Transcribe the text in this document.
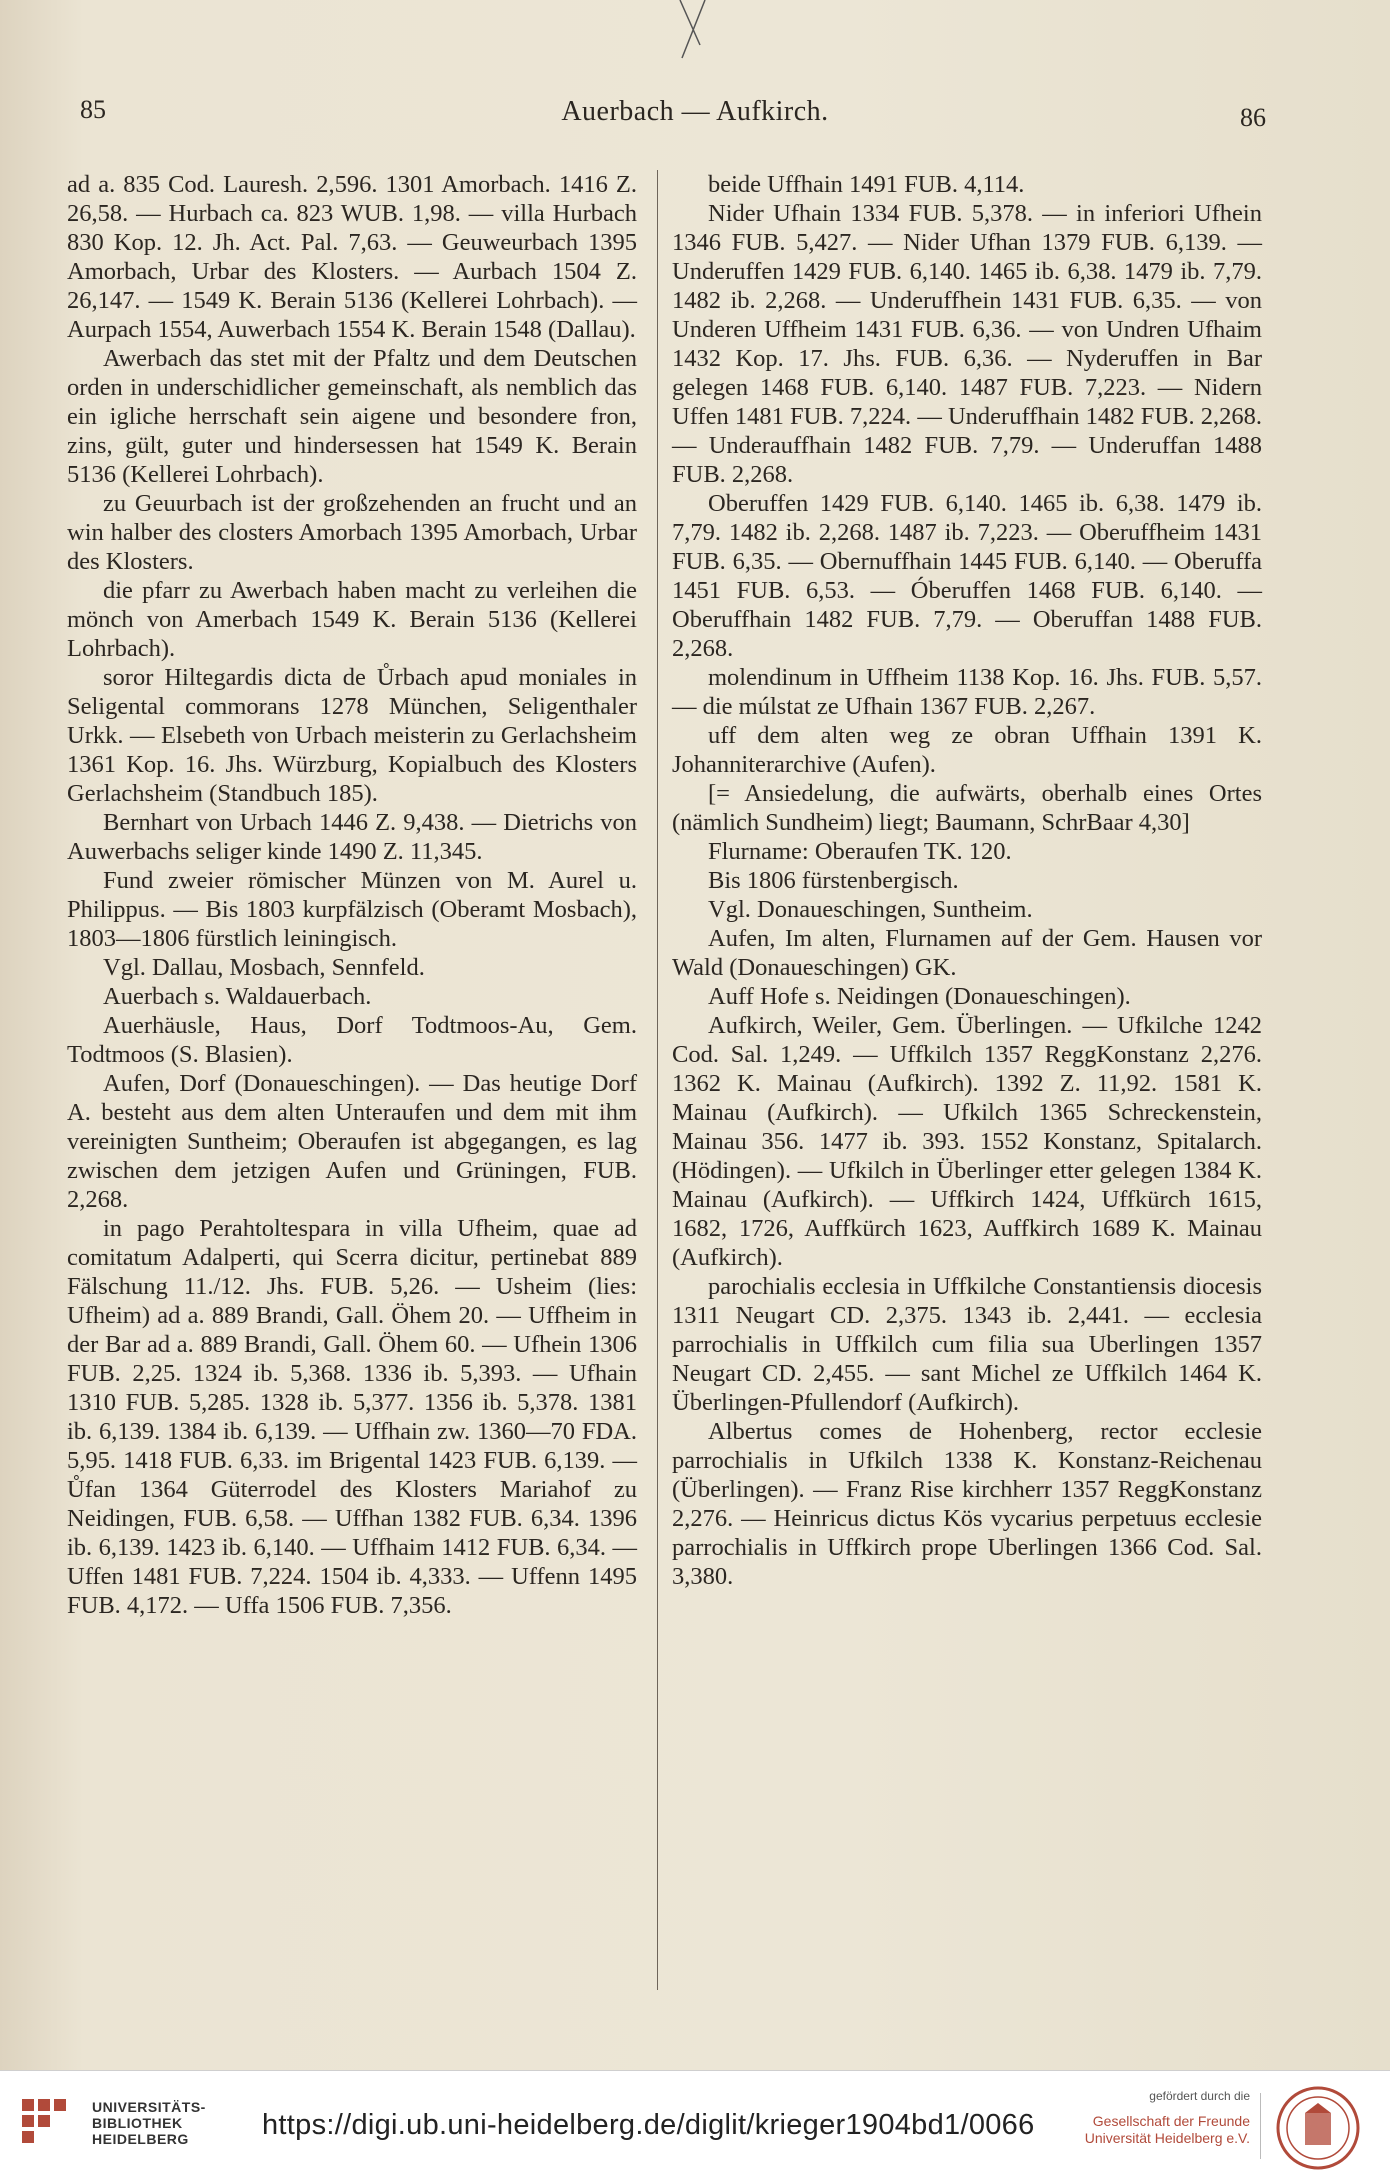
85	Auerbach — Aufkirch.	86

ad a. 835 Cod. Lauresh. 2,596. 1301 Amorbach. 1416 Z. 26,58. — Hurbach ca. 823 WUB. 1,98. — villa Hurbach 830 Kop. 12. Jh. Act. Pal. 7,63. — Geuweurbach 1395 Amorbach, Urbar des Klosters. — Aurbach 1504 Z. 26,147. — 1549 K. Berain 5136 (Kellerei Lohrbach). — Aurpach 1554, Auwerbach 1554 K. Berain 1548 (Dallau).

Awerbach das stet mit der Pfaltz und dem Deutschen orden in underschidlicher gemeinschaft, als nemblich das ein igliche herrschaft sein aigene und besondere fron, zins, gült, guter und hindersessen hat 1549 K. Berain 5136 (Kellerei Lohrbach).

zu Geuurbach ist der großzehenden an frucht und an win halber des closters Amorbach 1395 Amorbach, Urbar des Klosters.

die pfarr zu Awerbach haben macht zu verleihen die mönch von Amerbach 1549 K. Berain 5136 (Kellerei Lohrbach).

soror Hiltegardis dicta de Ůrbach apud moniales in Seligental commorans 1278 München, Seligenthaler Urkk. — Elsebeth von Urbach meisterin zu Gerlachsheim 1361 Kop. 16. Jhs. Würzburg, Kopialbuch des Klosters Gerlachsheim (Standbuch 185).

Bernhart von Urbach 1446 Z. 9,438. — Dietrichs von Auwerbachs seliger kinde 1490 Z. 11,345.

Fund zweier römischer Münzen von M. Aurel u. Philippus. — Bis 1803 kurpfälzisch (Oberamt Mosbach), 1803—1806 fürstlich leiningisch.

Vgl. Dallau, Mosbach, Sennfeld.

Auerbach s. Waldauerbach.

Auerhäusle, Haus, Dorf Todtmoos-Au, Gem. Todtmoos (S. Blasien).

Aufen, Dorf (Donaueschingen). — Das heutige Dorf A. besteht aus dem alten Unteraufen und dem mit ihm vereinigten Suntheim; Oberaufen ist abgegangen, es lag zwischen dem jetzigen Aufen und Grüningen, FUB. 2,268.

in pago Perahtoltespara in villa Ufheim, quae ad comitatum Adalperti, qui Scerra dicitur, pertinebat 889 Fälschung 11./12. Jhs. FUB. 5,26. — Usheim (lies: Ufheim) ad a. 889 Brandi, Gall. Öhem 20. — Uffheim in der Bar ad a. 889 Brandi, Gall. Öhem 60. — Ufhein 1306 FUB. 2,25. 1324 ib. 5,368. 1336 ib. 5,393. — Ufhain 1310 FUB. 5,285. 1328 ib. 5,377. 1356 ib. 5,378. 1381 ib. 6,139. 1384 ib. 6,139. — Uffhain zw. 1360—70 FDA. 5,95. 1418 FUB. 6,33. im Brigental 1423 FUB. 6,139. — Ůfan 1364 Güterrodel des Klosters Mariahof zu Neidingen, FUB. 6,58. — Uffhan 1382 FUB. 6,34. 1396 ib. 6,139. 1423 ib. 6,140. — Uffhaim 1412 FUB. 6,34. — Uffen 1481 FUB. 7,224. 1504 ib. 4,333. — Uffenn 1495 FUB. 4,172. — Uffa 1506 FUB. 7,356.

beide Uffhain 1491 FUB. 4,114.

Nider Ufhain 1334 FUB. 5,378. — in inferiori Ufhein 1346 FUB. 5,427. — Nider Ufhan 1379 FUB. 6,139. — Underuffen 1429 FUB. 6,140. 1465 ib. 6,38. 1479 ib. 7,79. 1482 ib. 2,268. — Underuffhein 1431 FUB. 6,35. — von Underen Uffheim 1431 FUB. 6,36. — von Undren Ufhaim 1432 Kop. 17. Jhs. FUB. 6,36. — Nyderuffen in Bar gelegen 1468 FUB. 6,140. 1487 FUB. 7,223. — Nidern Uffen 1481 FUB. 7,224. — Underuffhain 1482 FUB. 2,268. — Underauffhain 1482 FUB. 7,79. — Underuffan 1488 FUB. 2,268.

Oberuffen 1429 FUB. 6,140. 1465 ib. 6,38. 1479 ib. 7,79. 1482 ib. 2,268. 1487 ib. 7,223. — Oberuffheim 1431 FUB. 6,35. — Obernuffhain 1445 FUB. 6,140. — Oberuffa 1451 FUB. 6,53. — Óberuffen 1468 FUB. 6,140. — Oberuffhain 1482 FUB. 7,79. — Oberuffan 1488 FUB. 2,268.

molendinum in Uffheim 1138 Kop. 16. Jhs. FUB. 5,57. — die múlstat ze Ufhain 1367 FUB. 2,267.

uff dem alten weg ze obran Uffhain 1391 K. Johanniterarchive (Aufen).

[= Ansiedelung, die aufwärts, oberhalb eines Ortes (nämlich Sundheim) liegt; Baumann, SchrBaar 4,30]

Flurname: Oberaufen TK. 120.

Bis 1806 fürstenbergisch.

Vgl. Donaueschingen, Suntheim.

Aufen, Im alten, Flurnamen auf der Gem. Hausen vor Wald (Donaueschingen) GK.

Auff Hofe s. Neidingen (Donaueschingen).

Aufkirch, Weiler, Gem. Überlingen. — Ufkilche 1242 Cod. Sal. 1,249. — Uffkilch 1357 ReggKonstanz 2,276. 1362 K. Mainau (Aufkirch). 1392 Z. 11,92. 1581 K. Mainau (Aufkirch). — Ufkilch 1365 Schreckenstein, Mainau 356. 1477 ib. 393. 1552 Konstanz, Spitalarch. (Hödingen). — Ufkilch in Überlinger etter gelegen 1384 K. Mainau (Aufkirch). — Uffkirch 1424, Uffkürch 1615, 1682, 1726, Auffkürch 1623, Auffkirch 1689 K. Mainau (Aufkirch).

parochialis ecclesia in Uffkilche Constantiensis diocesis 1311 Neugart CD. 2,375. 1343 ib. 2,441. — ecclesia parrochialis in Uffkilch cum filia sua Uberlingen 1357 Neugart CD. 2,455. — sant Michel ze Uffkilch 1464 K. Überlingen-Pfullendorf (Aufkirch).

Albertus comes de Hohenberg, rector ecclesie parrochialis in Ufkilch 1338 K. Konstanz-Reichenau (Überlingen). — Franz Rise kirchherr 1357 ReggKonstanz 2,276. — Heinricus dictus Kös vycarius perpetuus ecclesie parrochialis in Uffkirch prope Uberlingen 1366 Cod. Sal. 3,380.

UNIVERSITÄTS-
BIBLIOTHEK
HEIDELBERG	https://digi.ub.uni-heidelberg.de/diglit/krieger1904bd1/0066
gefördert durch die
Gesellschaft der Freunde
Universität Heidelberg e.V.
